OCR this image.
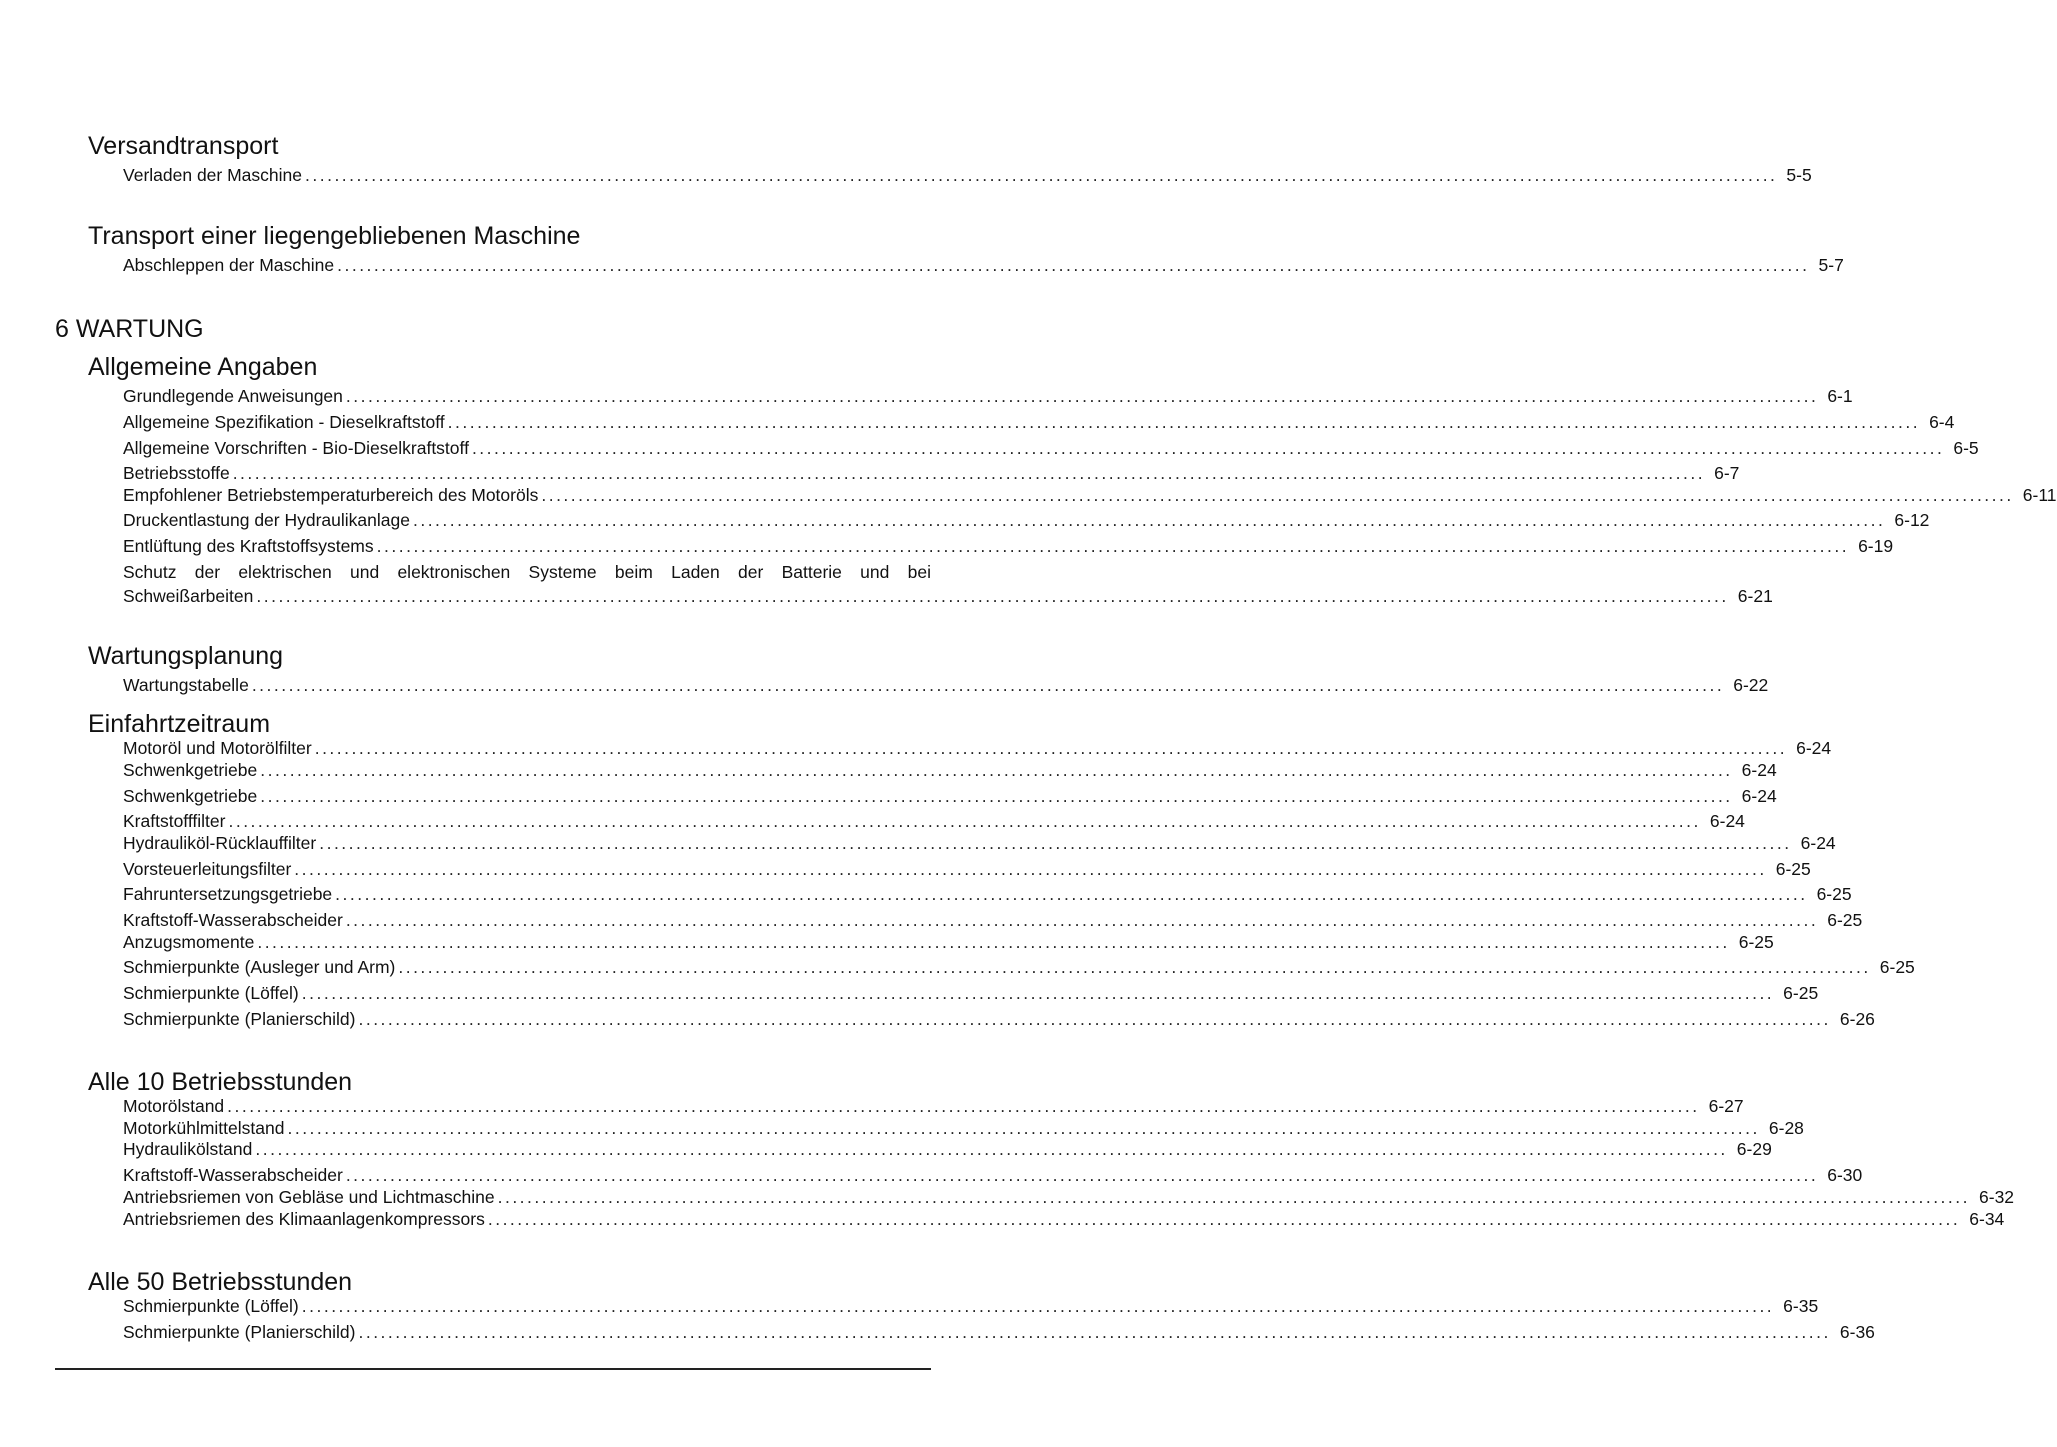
Versandtransport
Verladen der Maschine ........................................................................................................................................................................................................ 5-5
Transport einer liegengebliebenen Maschine
Abschleppen der Maschine ........................................................................................................................................................................................................ 5-7
6 WARTUNG
Allgemeine Angaben
Grundlegende Anweisungen ........................................................................................................................................................................................................ 6-1
Allgemeine Spezifikation - Dieselkraftstoff ........................................................................................................................................................................................................ 6-4
Allgemeine Vorschriften - Bio-Dieselkraftstoff ........................................................................................................................................................................................................ 6-5
Betriebsstoffe ........................................................................................................................................................................................................ 6-7
Empfohlener Betriebstemperaturbereich des Motoröls ........................................................................................................................................................................................................ 6-11
Druckentlastung der Hydraulikanlage ........................................................................................................................................................................................................ 6-12
Entlüftung des Kraftstoffsystems ........................................................................................................................................................................................................ 6-19
Schutz der elektrischen und elektronischen Systeme beim Laden der Batterie und bei
Schweißarbeiten ........................................................................................................................................................................................................ 6-21
Wartungsplanung
Wartungstabelle ........................................................................................................................................................................................................ 6-22
Einfahrtzeitraum
Motoröl und Motorölfilter ........................................................................................................................................................................................................ 6-24
Schwenkgetriebe ........................................................................................................................................................................................................ 6-24
Schwenkgetriebe ........................................................................................................................................................................................................ 6-24
Kraftstofffilter ........................................................................................................................................................................................................ 6-24
Hydrauliköl-Rücklauffilter ........................................................................................................................................................................................................ 6-24
Vorsteuerleitungsfilter ........................................................................................................................................................................................................ 6-25
Fahruntersetzungsgetriebe ........................................................................................................................................................................................................ 6-25
Kraftstoff-Wasserabscheider ........................................................................................................................................................................................................ 6-25
Anzugsmomente ........................................................................................................................................................................................................ 6-25
Schmierpunkte (Ausleger und Arm) ........................................................................................................................................................................................................ 6-25
Schmierpunkte (Löffel) ........................................................................................................................................................................................................ 6-25
Schmierpunkte (Planierschild) ........................................................................................................................................................................................................ 6-26
Alle 10 Betriebsstunden
Motorölstand ........................................................................................................................................................................................................ 6-27
Motorkühlmittelstand ........................................................................................................................................................................................................ 6-28
Hydraulikölstand ........................................................................................................................................................................................................ 6-29
Kraftstoff-Wasserabscheider ........................................................................................................................................................................................................ 6-30
Antriebsriemen von Gebläse und Lichtmaschine ........................................................................................................................................................................................................ 6-32
Antriebsriemen des Klimaanlagenkompressors ........................................................................................................................................................................................................ 6-34
Alle 50 Betriebsstunden
Schmierpunkte (Löffel) ........................................................................................................................................................................................................ 6-35
Schmierpunkte (Planierschild) ........................................................................................................................................................................................................ 6-36
